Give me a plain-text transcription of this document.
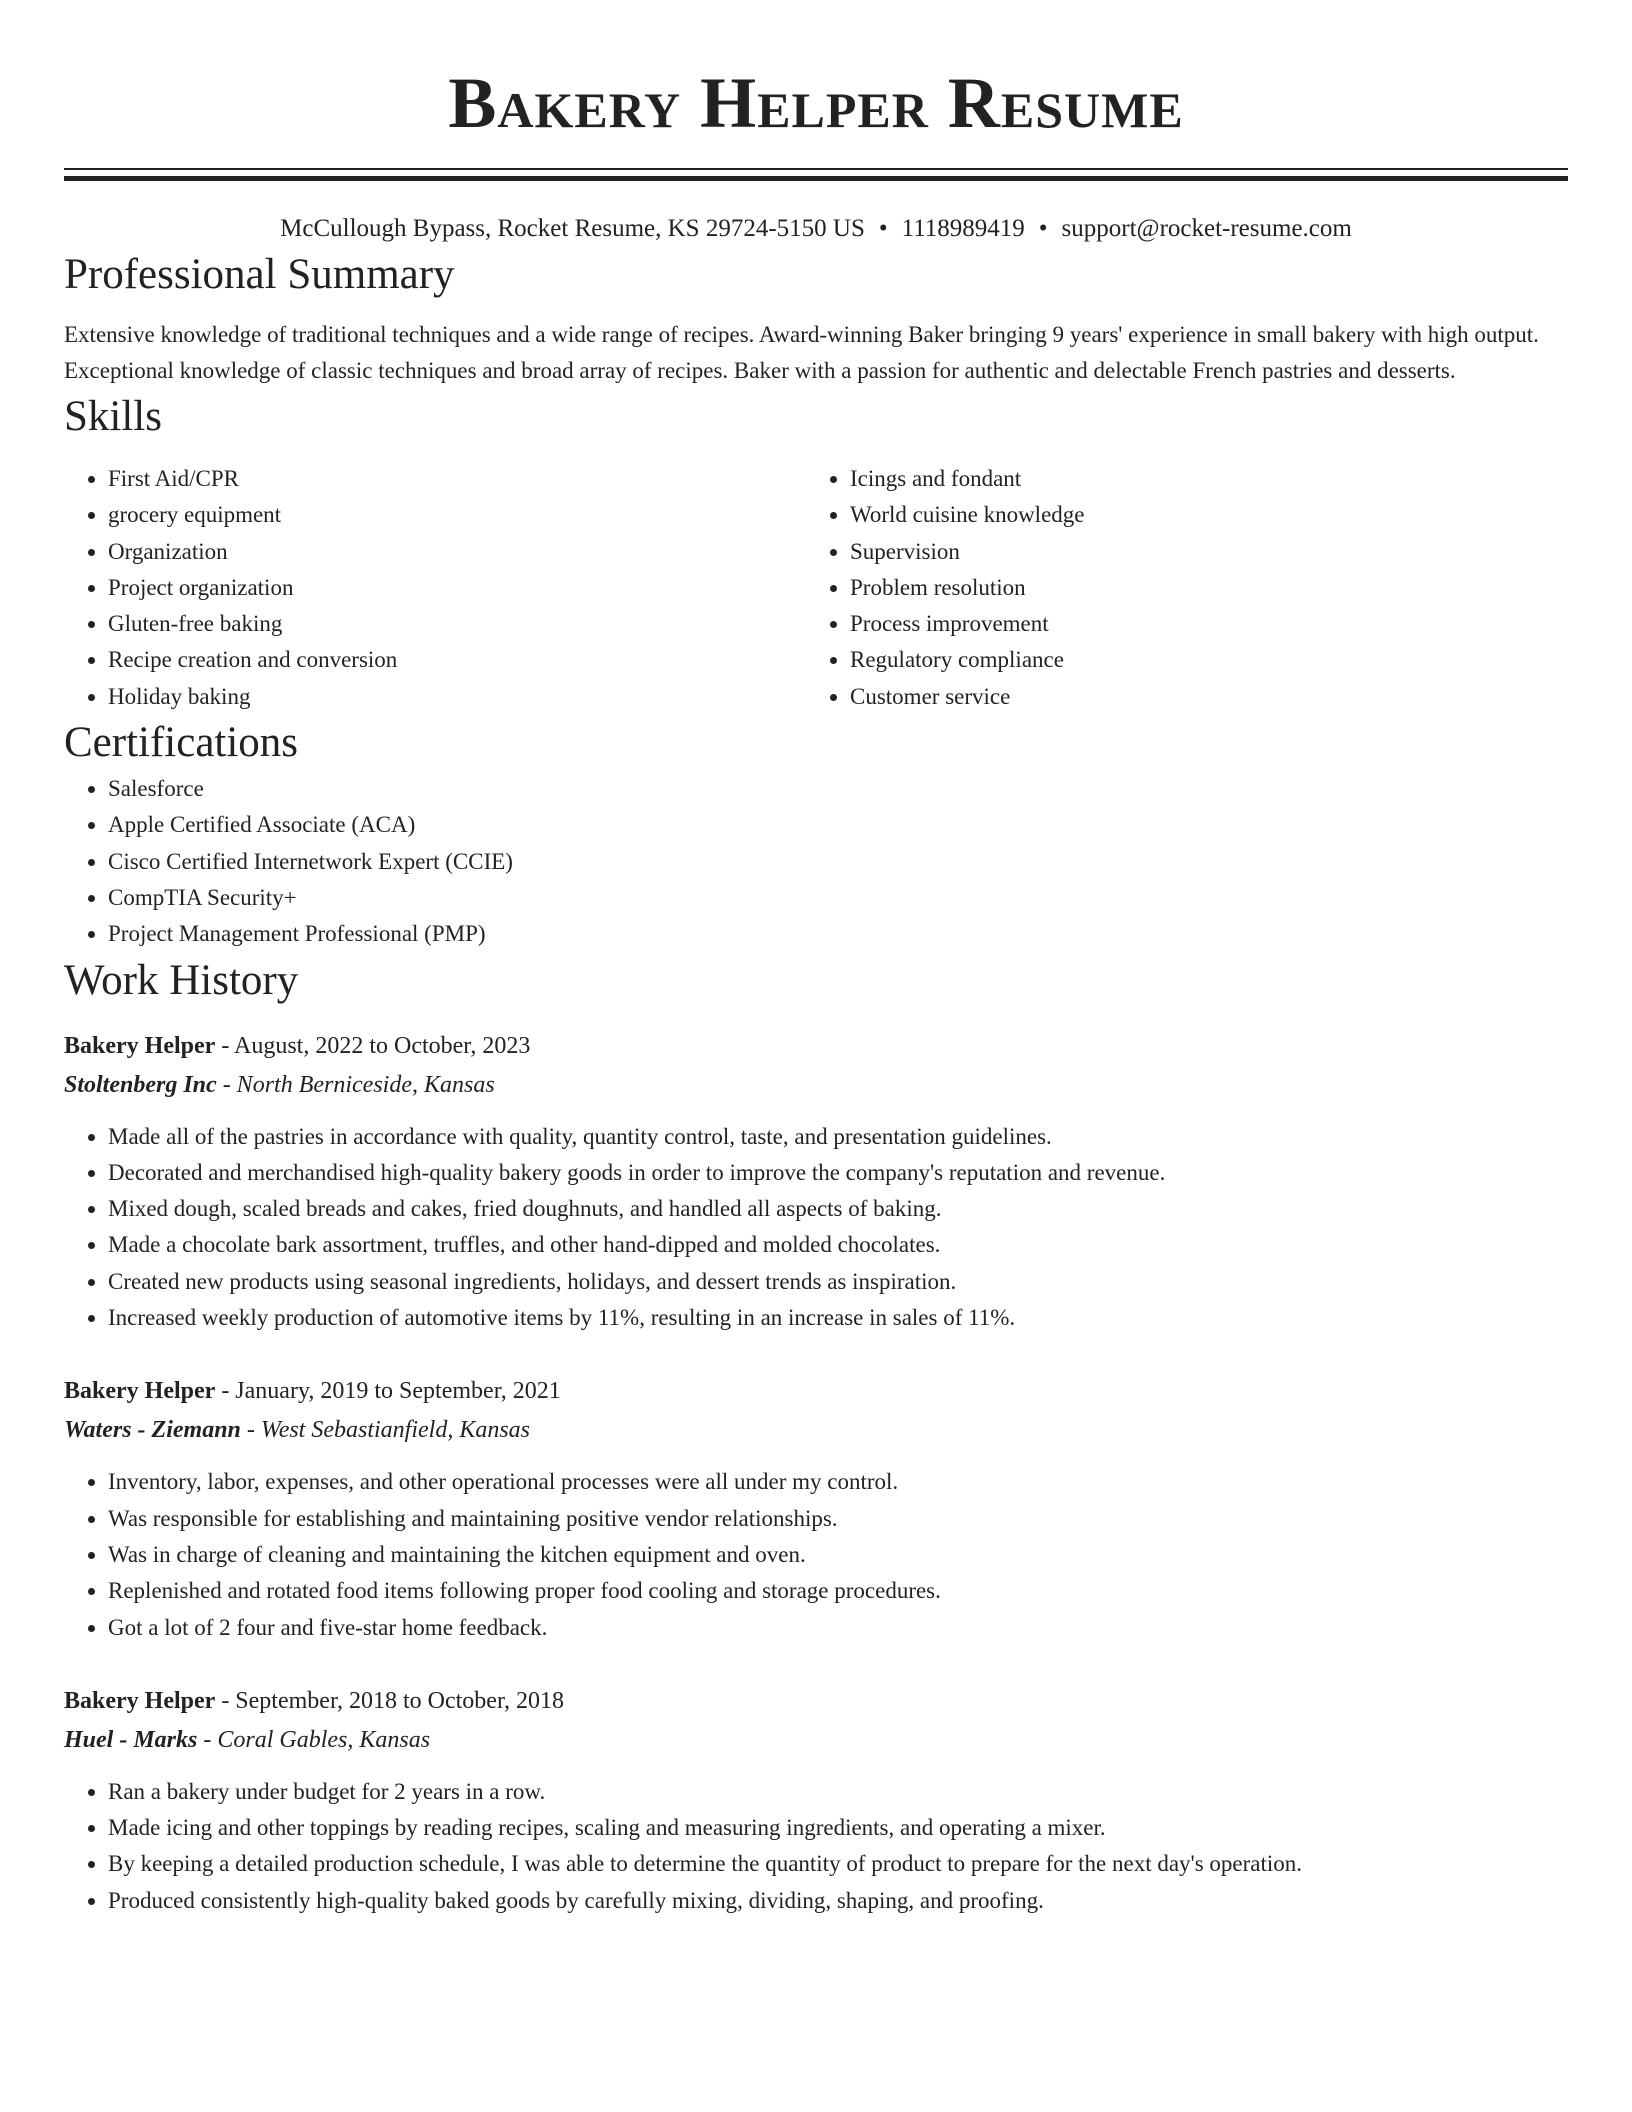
Bakery Helper Resume
McCullough Bypass, Rocket Resume, KS 29724-5150 US • 1118989419 • support@rocket-resume.com
Professional Summary
Extensive knowledge of traditional techniques and a wide range of recipes. Award-winning Baker bringing 9 years' experience in small bakery with high output. Exceptional knowledge of classic techniques and broad array of recipes. Baker with a passion for authentic and delectable French pastries and desserts.
Skills
• First Aid/CPR
• grocery equipment
• Organization
• Project organization
• Gluten-free baking
• Recipe creation and conversion
• Holiday baking
• Icings and fondant
• World cuisine knowledge
• Supervision
• Problem resolution
• Process improvement
• Regulatory compliance
• Customer service
Certifications
• Salesforce
• Apple Certified Associate (ACA)
• Cisco Certified Internetwork Expert (CCIE)
• CompTIA Security+
• Project Management Professional (PMP)
Work History
Bakery Helper - August, 2022 to October, 2023
Stoltenberg Inc - North Berniceside, Kansas
• Made all of the pastries in accordance with quality, quantity control, taste, and presentation guidelines.
• Decorated and merchandised high-quality bakery goods in order to improve the company's reputation and revenue.
• Mixed dough, scaled breads and cakes, fried doughnuts, and handled all aspects of baking.
• Made a chocolate bark assortment, truffles, and other hand-dipped and molded chocolates.
• Created new products using seasonal ingredients, holidays, and dessert trends as inspiration.
• Increased weekly production of automotive items by 11%, resulting in an increase in sales of 11%.
Bakery Helper - January, 2019 to September, 2021
Waters - Ziemann - West Sebastianfield, Kansas
• Inventory, labor, expenses, and other operational processes were all under my control.
• Was responsible for establishing and maintaining positive vendor relationships.
• Was in charge of cleaning and maintaining the kitchen equipment and oven.
• Replenished and rotated food items following proper food cooling and storage procedures.
• Got a lot of 2 four and five-star home feedback.
Bakery Helper - September, 2018 to October, 2018
Huel - Marks - Coral Gables, Kansas
• Ran a bakery under budget for 2 years in a row.
• Made icing and other toppings by reading recipes, scaling and measuring ingredients, and operating a mixer.
• By keeping a detailed production schedule, I was able to determine the quantity of product to prepare for the next day's operation.
• Produced consistently high-quality baked goods by carefully mixing, dividing, shaping, and proofing.
